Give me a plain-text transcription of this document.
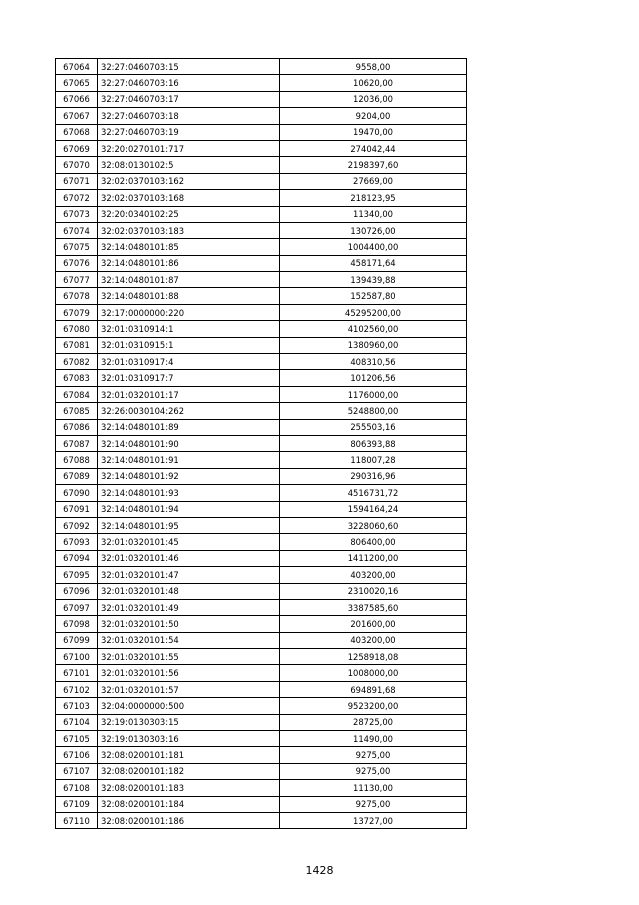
67064	32:27:0460703:15	9558,00
67065	32:27:0460703:16	10620,00
67066	32:27:0460703:17	12036,00
67067	32:27:0460703:18	9204,00
67068	32:27:0460703:19	19470,00
67069	32:20:0270101:717	274042,44
67070	32:08:0130102:5	2198397,60
67071	32:02:0370103:162	27669,00
67072	32:02:0370103:168	218123,95
67073	32:20:0340102:25	11340,00
67074	32:02:0370103:183	130726,00
67075	32:14:0480101:85	1004400,00
67076	32:14:0480101:86	458171,64
67077	32:14:0480101:87	139439,88
67078	32:14:0480101:88	152587,80
67079	32:17:0000000:220	45295200,00
67080	32:01:0310914:1	4102560,00
67081	32:01:0310915:1	1380960,00
67082	32:01:0310917:4	408310,56
67083	32:01:0310917:7	101206,56
67084	32:01:0320101:17	1176000,00
67085	32:26:0030104:262	5248800,00
67086	32:14:0480101:89	255503,16
67087	32:14:0480101:90	806393,88
67088	32:14:0480101:91	118007,28
67089	32:14:0480101:92	290316,96
67090	32:14:0480101:93	4516731,72
67091	32:14:0480101:94	1594164,24
67092	32:14:0480101:95	3228060,60
67093	32:01:0320101:45	806400,00
67094	32:01:0320101:46	1411200,00
67095	32:01:0320101:47	403200,00
67096	32:01:0320101:48	2310020,16
67097	32:01:0320101:49	3387585,60
67098	32:01:0320101:50	201600,00
67099	32:01:0320101:54	403200,00
67100	32:01:0320101:55	1258918,08
67101	32:01:0320101:56	1008000,00
67102	32:01:0320101:57	694891,68
67103	32:04:0000000:500	9523200,00
67104	32:19:0130303:15	28725,00
67105	32:19:0130303:16	11490,00
67106	32:08:0200101:181	9275,00
67107	32:08:0200101:182	9275,00
67108	32:08:0200101:183	11130,00
67109	32:08:0200101:184	9275,00
67110	32:08:0200101:186	13727,00
1428
